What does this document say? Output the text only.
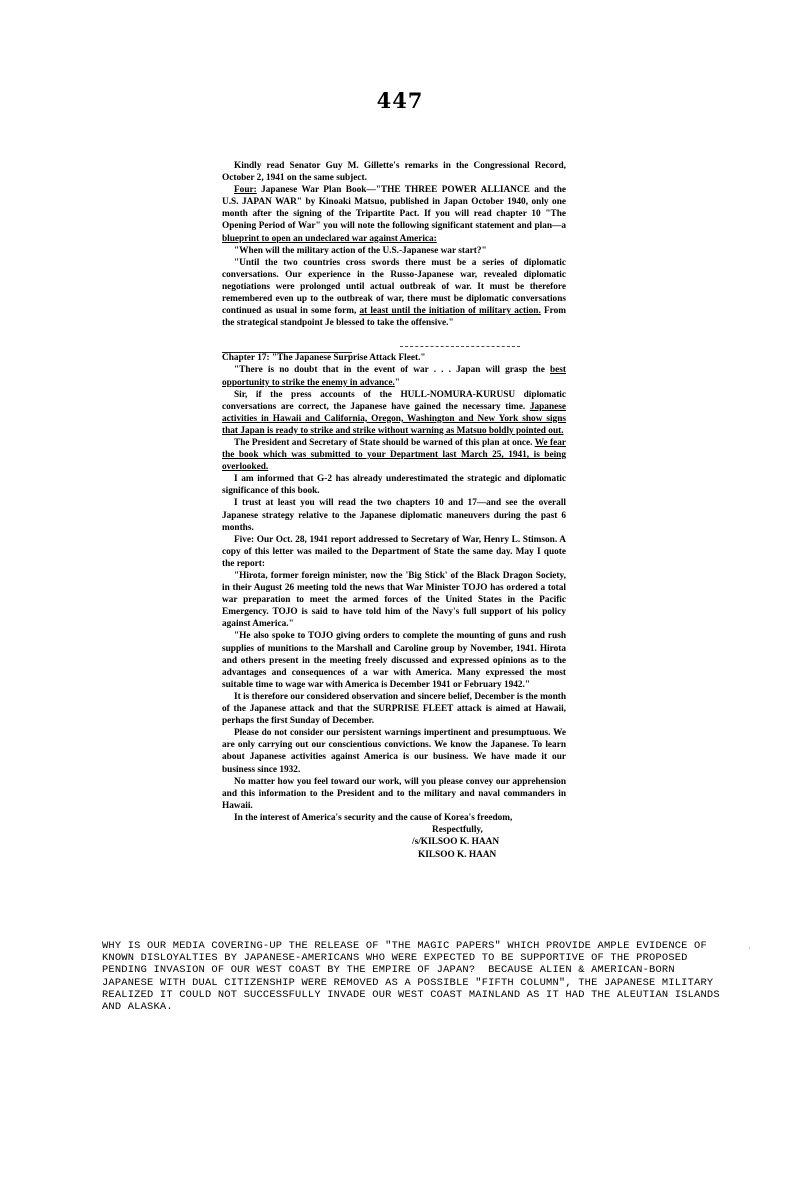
447

Kindly read Senator Guy M. Gillette's remarks in the Congressional Record, October 2, 1941 on the same subject.

Four: Japanese War Plan Book—"THE THREE POWER ALLIANCE and the U.S. JAPAN WAR" by Kinoaki Matsuo, published in Japan October 1940, only one month after the signing of the Tripartite Pact. If you will read chapter 10 "The Opening Period of War" you will note the following significant statement and plan—a blueprint to open an undeclared war against America:

"When will the military action of the U.S.-Japanese war start?"

"Until the two countries cross swords there must be a series of diplomatic conversations. Our experience in the Russo-Japanese war, revealed diplomatic negotiations were prolonged until actual outbreak of war. It must be therefore remembered even up to the outbreak of war, there must be diplomatic conversations continued as usual in some form, at least until the initiation of military action. From the strategical standpoint Je blessed to take the offensive."

Chapter 17: "The Japanese Surprise Attack Fleet."

"There is no doubt that in the event of war . . . Japan will grasp the best opportunity to strike the enemy in advance."

Sir, if the press accounts of the HULL-NOMURA-KURUSU diplomatic conversations are correct, the Japanese have gained the necessary time. Japanese activities in Hawaii and California, Oregon, Washington and New York show signs that Japan is ready to strike and strike without warning as Matsuo boldly pointed out.

The President and Secretary of State should be warned of this plan at once. We fear the book which was submitted to your Department last March 25, 1941, is being overlooked.

I am informed that G-2 has already underestimated the strategic and diplomatic significance of this book.

I trust at least you will read the two chapters 10 and 17—and see the overall Japanese strategy relative to the Japanese diplomatic maneuvers during the past 6 months.

Five: Our Oct. 28, 1941 report addressed to Secretary of War, Henry L. Stimson. A copy of this letter was mailed to the Department of State the same day. May I quote the report:

"Hirota, former foreign minister, now the 'Big Stick' of the Black Dragon Society, in their August 26 meeting told the news that War Minister TOJO has ordered a total war preparation to meet the armed forces of the United States in the Pacific Emergency. TOJO is said to have told him of the Navy's full support of his policy against America."

"He also spoke to TOJO giving orders to complete the mounting of guns and rush supplies of munitions to the Marshall and Caroline group by November, 1941. Hirota and others present in the meeting freely discussed and expressed opinions as to the advantages and consequences of a war with America. Many expressed the most suitable time to wage war with America is December 1941 or February 1942."

It is therefore our considered observation and sincere belief, December is the month of the Japanese attack and that the SURPRISE FLEET attack is aimed at Hawaii, perhaps the first Sunday of December.

Please do not consider our persistent warnings impertinent and presumptuous. We are only carrying out our conscientious convictions. We know the Japanese. To learn about Japanese activities against America is our business. We have made it our business since 1932.

No matter how you feel toward our work, will you please convey our apprehension and this information to the President and to the military and naval commanders in Hawaii.

In the interest of America's security and the cause of Korea's freedom,

Respectfully,
/s/KILSOO K. HAAN
KILSOO K. HAAN
WHY IS OUR MEDIA COVERING-UP THE RELEASE OF "THE MAGIC PAPERS" WHICH PROVIDE AMPLE EVIDENCE OF KNOWN DISLOYALTIES BY JAPANESE-AMERICANS WHO WERE EXPECTED TO BE SUPPORTIVE OF THE PROPOSED PENDING INVASION OF OUR WEST COAST BY THE EMPIRE OF JAPAN?  BECAUSE ALIEN & AMERICAN-BORN JAPANESE WITH DUAL CITIZENSHIP WERE REMOVED AS A POSSIBLE "FIFTH COLUMN", THE JAPANESE MILITARY REALIZED IT COULD NOT SUCCESSFULLY INVADE OUR WEST COAST MAINLAND AS IT HAD THE ALEUTIAN ISLANDS AND ALASKA.
·
